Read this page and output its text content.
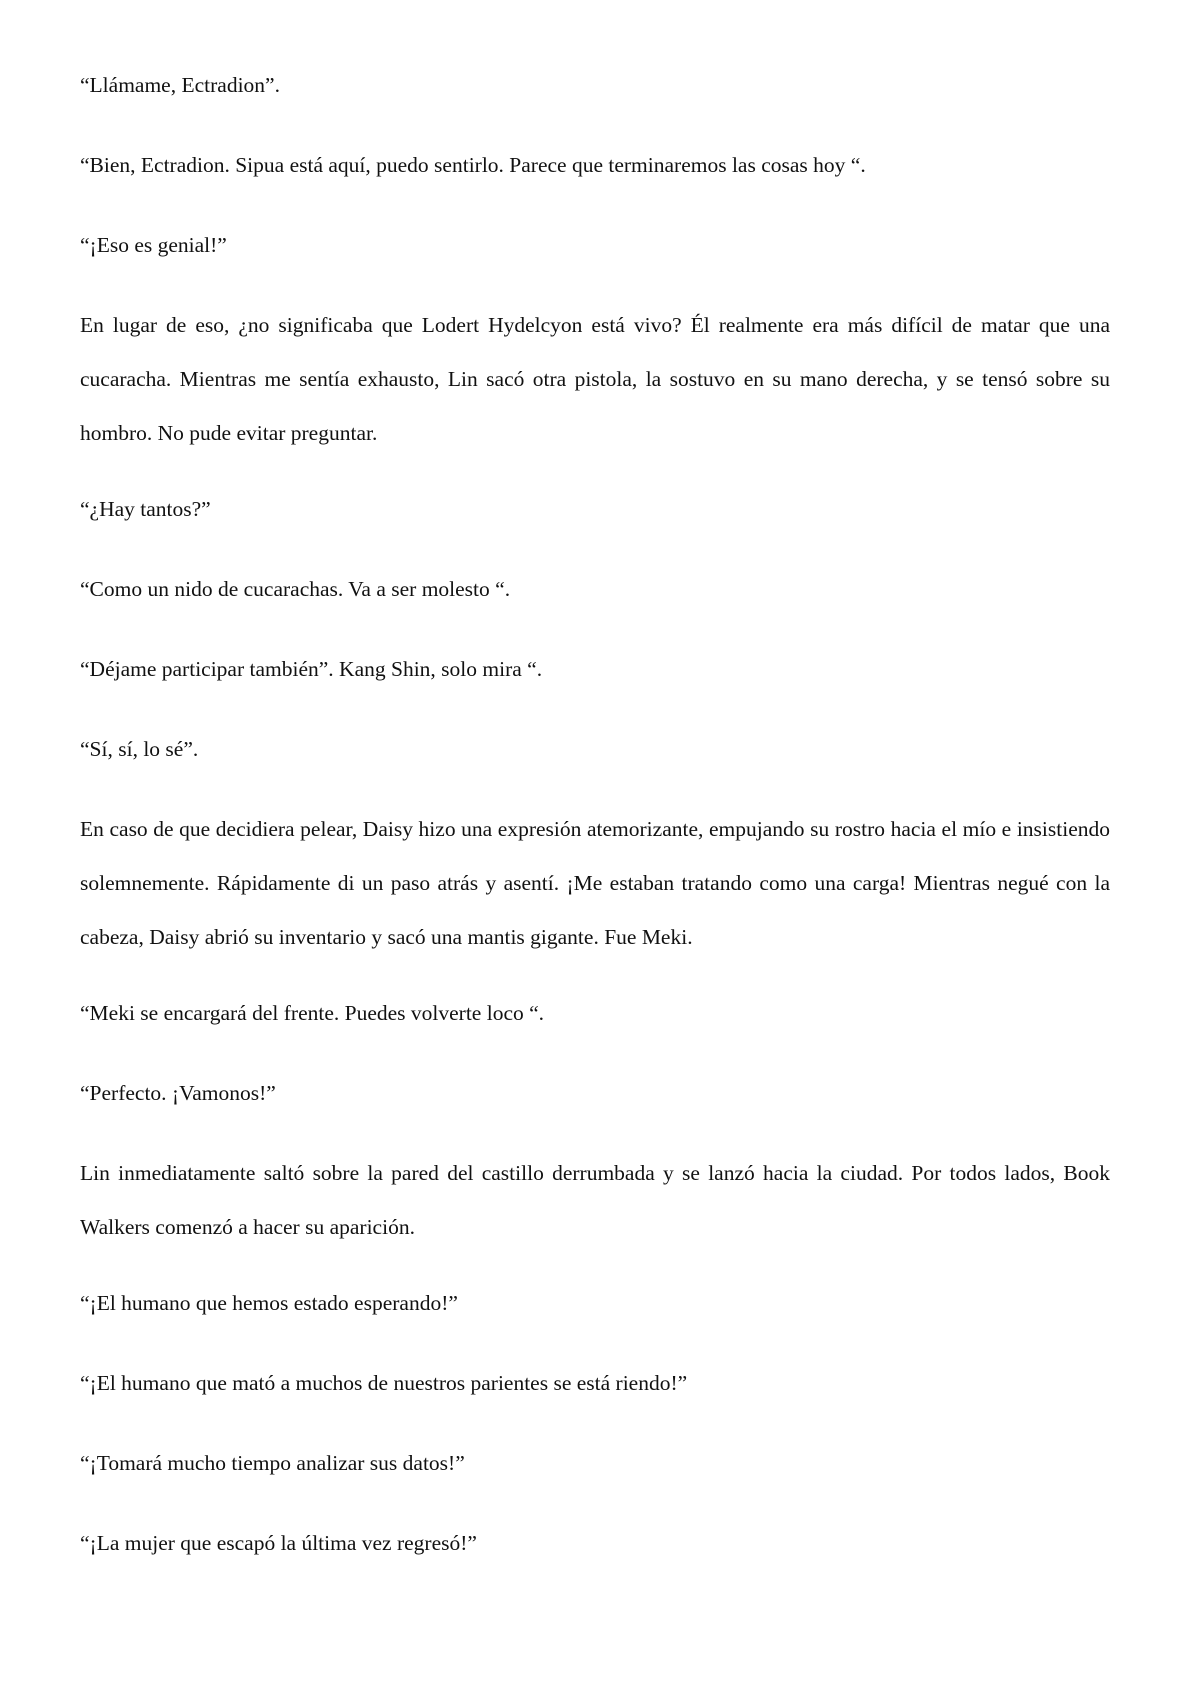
“Llámame, Ectradion”.

“Bien, Ectradion. Sipua está aquí, puedo sentirlo. Parece que terminaremos las cosas hoy “.

“¡Eso es genial!”

En lugar de eso, ¿no significaba que Lodert Hydelcyon está vivo? Él realmente era más difícil de matar que una cucaracha. Mientras me sentía exhausto, Lin sacó otra pistola, la sostuvo en su mano derecha, y se tensó sobre su hombro. No pude evitar preguntar.

“¿Hay tantos?”

“Como un nido de cucarachas. Va a ser molesto “.

“Déjame participar también”. Kang Shin, solo mira “.

“Sí, sí, lo sé”.

En caso de que decidiera pelear, Daisy hizo una expresión atemorizante, empujando su rostro hacia el mío e insistiendo solemnemente. Rápidamente di un paso atrás y asentí. ¡Me estaban tratando como una carga! Mientras negué con la cabeza, Daisy abrió su inventario y sacó una mantis gigante. Fue Meki.

“Meki se encargará del frente. Puedes volverte loco “.

“Perfecto. ¡Vamonos!”

Lin inmediatamente saltó sobre la pared del castillo derrumbada y se lanzó hacia la ciudad. Por todos lados, Book Walkers comenzó a hacer su aparición.

“¡El humano que hemos estado esperando!”

“¡El humano que mató a muchos de nuestros parientes se está riendo!”

“¡Tomará mucho tiempo analizar sus datos!”

“¡La mujer que escapó la última vez regresó!”
